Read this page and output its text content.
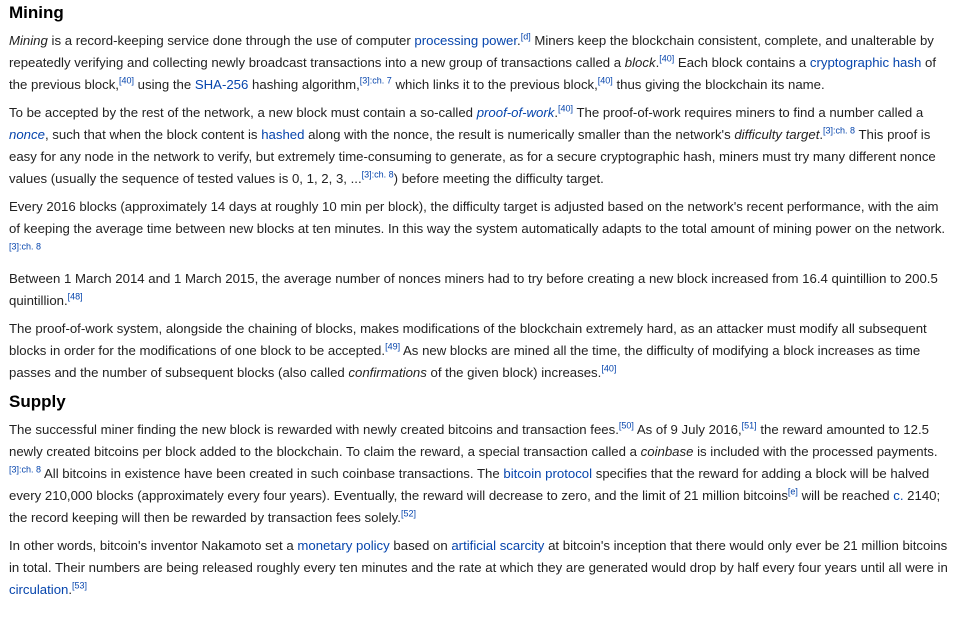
Mining

Mining is a record-keeping service done through the use of computer processing power.[d] Miners keep the blockchain consistent, complete, and unalterable by repeatedly verifying and collecting newly broadcast transactions into a new group of transactions called a block.[40] Each block contains a cryptographic hash of the previous block,[40] using the SHA-256 hashing algorithm,$^{[3]:ch. 7}$ which links it to the previous block,[40] thus giving the blockchain its name.

To be accepted by the rest of the network, a new block must contain a so-called proof-of-work.[40] The proof-of-work requires miners to find a number called a nonce, such that when the block content is hashed along with the nonce, the result is numerically smaller than the network's difficulty target.$^{[3]:ch. 8}$ This proof is easy for any node in the network to verify, but extremely time-consuming to generate, as for a secure cryptographic hash, miners must try many different nonce values (usually the sequence of tested values is 0, 1, 2, 3, ...$^{[3]:ch. 8}$) before meeting the difficulty target.

Every 2016 blocks (approximately 14 days at roughly 10 min per block), the difficulty target is adjusted based on the network's recent performance, with the aim of keeping the average time between new blocks at ten minutes. In this way the system automatically adapts to the total amount of mining power on the network.$^{[3]:ch. 8}$

Between 1 March 2014 and 1 March 2015, the average number of nonces miners had to try before creating a new block increased from 16.4 quintillion to 200.5 quintillion.[48]

The proof-of-work system, alongside the chaining of blocks, makes modifications of the blockchain extremely hard, as an attacker must modify all subsequent blocks in order for the modifications of one block to be accepted.[49] As new blocks are mined all the time, the difficulty of modifying a block increases as time passes and the number of subsequent blocks (also called confirmations of the given block) increases.[40]

Supply

The successful miner finding the new block is rewarded with newly created bitcoins and transaction fees.[50] As of 9 July 2016,[51] the reward amounted to 12.5 newly created bitcoins per block added to the blockchain. To claim the reward, a special transaction called a coinbase is included with the processed payments.$^{[3]:ch. 8}$ All bitcoins in existence have been created in such coinbase transactions. The bitcoin protocol specifies that the reward for adding a block will be halved every 210,000 blocks (approximately every four years). Eventually, the reward will decrease to zero, and the limit of 21 million bitcoins[e] will be reached c. 2140; the record keeping will then be rewarded by transaction fees solely.[52]

In other words, bitcoin's inventor Nakamoto set a monetary policy based on artificial scarcity at bitcoin's inception that there would only ever be 21 million bitcoins in total. Their numbers are being released roughly every ten minutes and the rate at which they are generated would drop by half every four years until all were in circulation.[53]
